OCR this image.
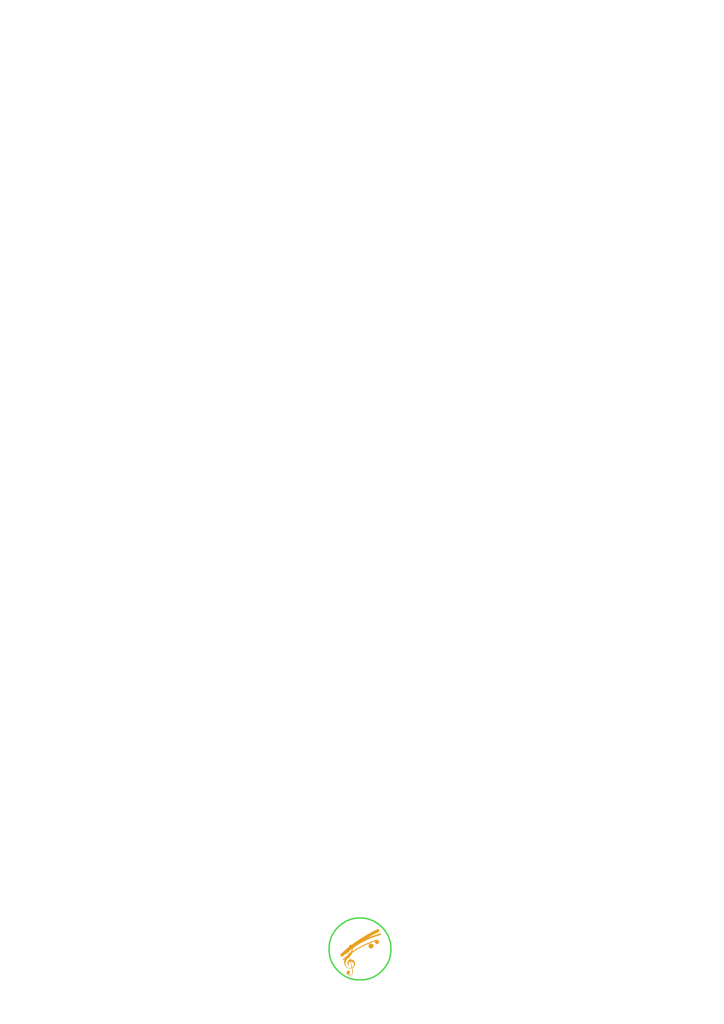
𝄞
